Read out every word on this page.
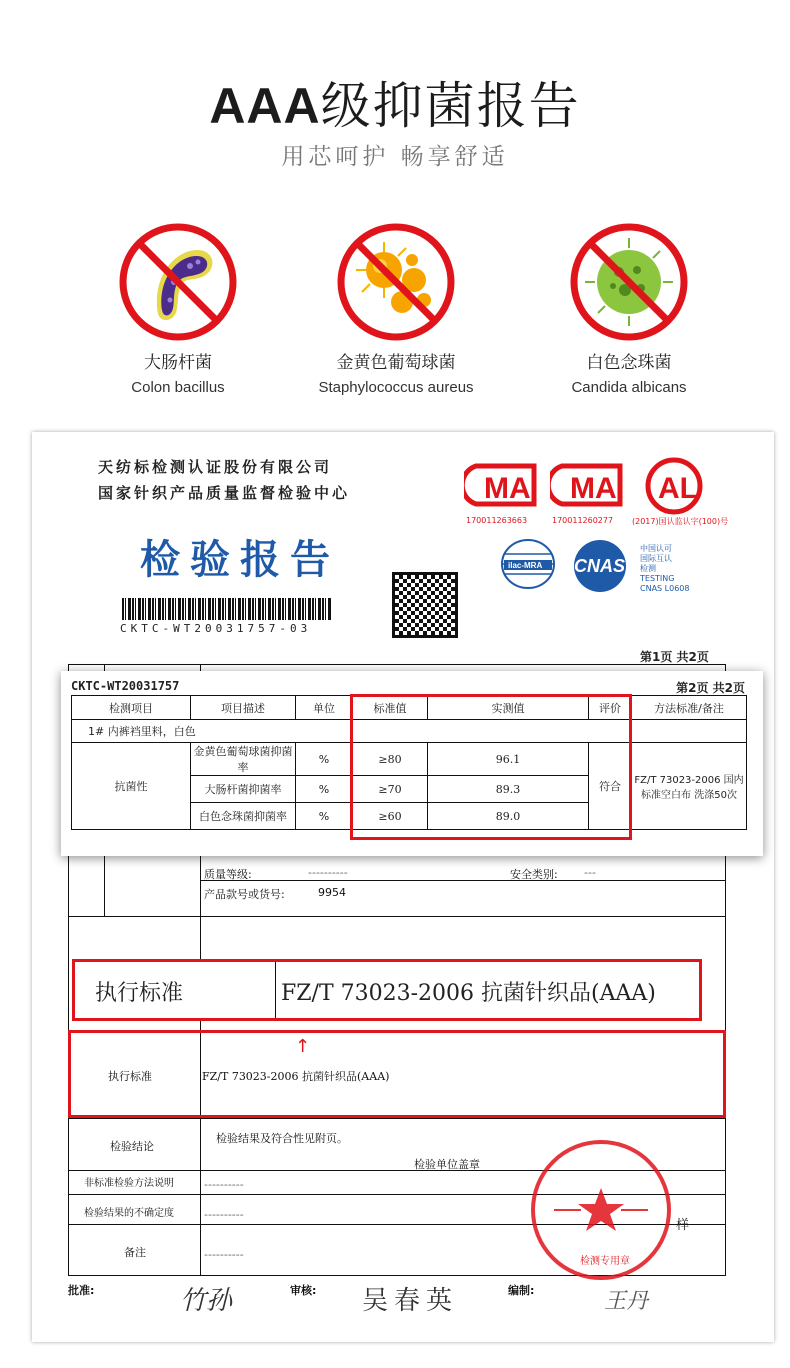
AAA级抑菌报告
用芯呵护 畅享舒适
大肠杆菌
Colon bacillus
金黄色葡萄球菌
Staphylococcus aureus
白色念珠菌
Candida albicans
天纺标检测认证股份有限公司
国家针织产品质量监督检验中心
检验报告
CKTC-WT20031757-03
MA
170011263663
MA
170011260277
AL
(2017)国认监认字(100)号
ilac-MRA CNAS
中国认可
国际互认
检测
TESTING
CNAS L0608
第1页 共2页
质量等级:	----------	安全类别: ---
产品款号或货号:	9954
执行标准	FZ/T 73023-2006 抗菌针织品(AAA)
↑
检验结论
检验结果及符合性见附页。
检验单位盖章
非标准检验方法说明	----------
检验结果的不确定度	----------
备注	----------
样
检测专用章
批准:	竹孙	审核: 吴春英	编制:	王丹
CKTC-WT20031757	第2页 共2页
检测项目	项目描述	单位	标准值	实测值	评价	方法标准/备注
1# 内裤裆里料，白色						
抗菌性	金黄色葡萄球菌抑菌率	%	≥80	96.1	符合	FZ/T 73023-2006 国内标准空白布 洗涤50次
	大肠杆菌抑菌率	%	≥70	89.3		
	白色念珠菌抑菌率	%	≥60	89.0		
执行标准	FZ/T 73023-2006 抗菌针织品(AAA)
